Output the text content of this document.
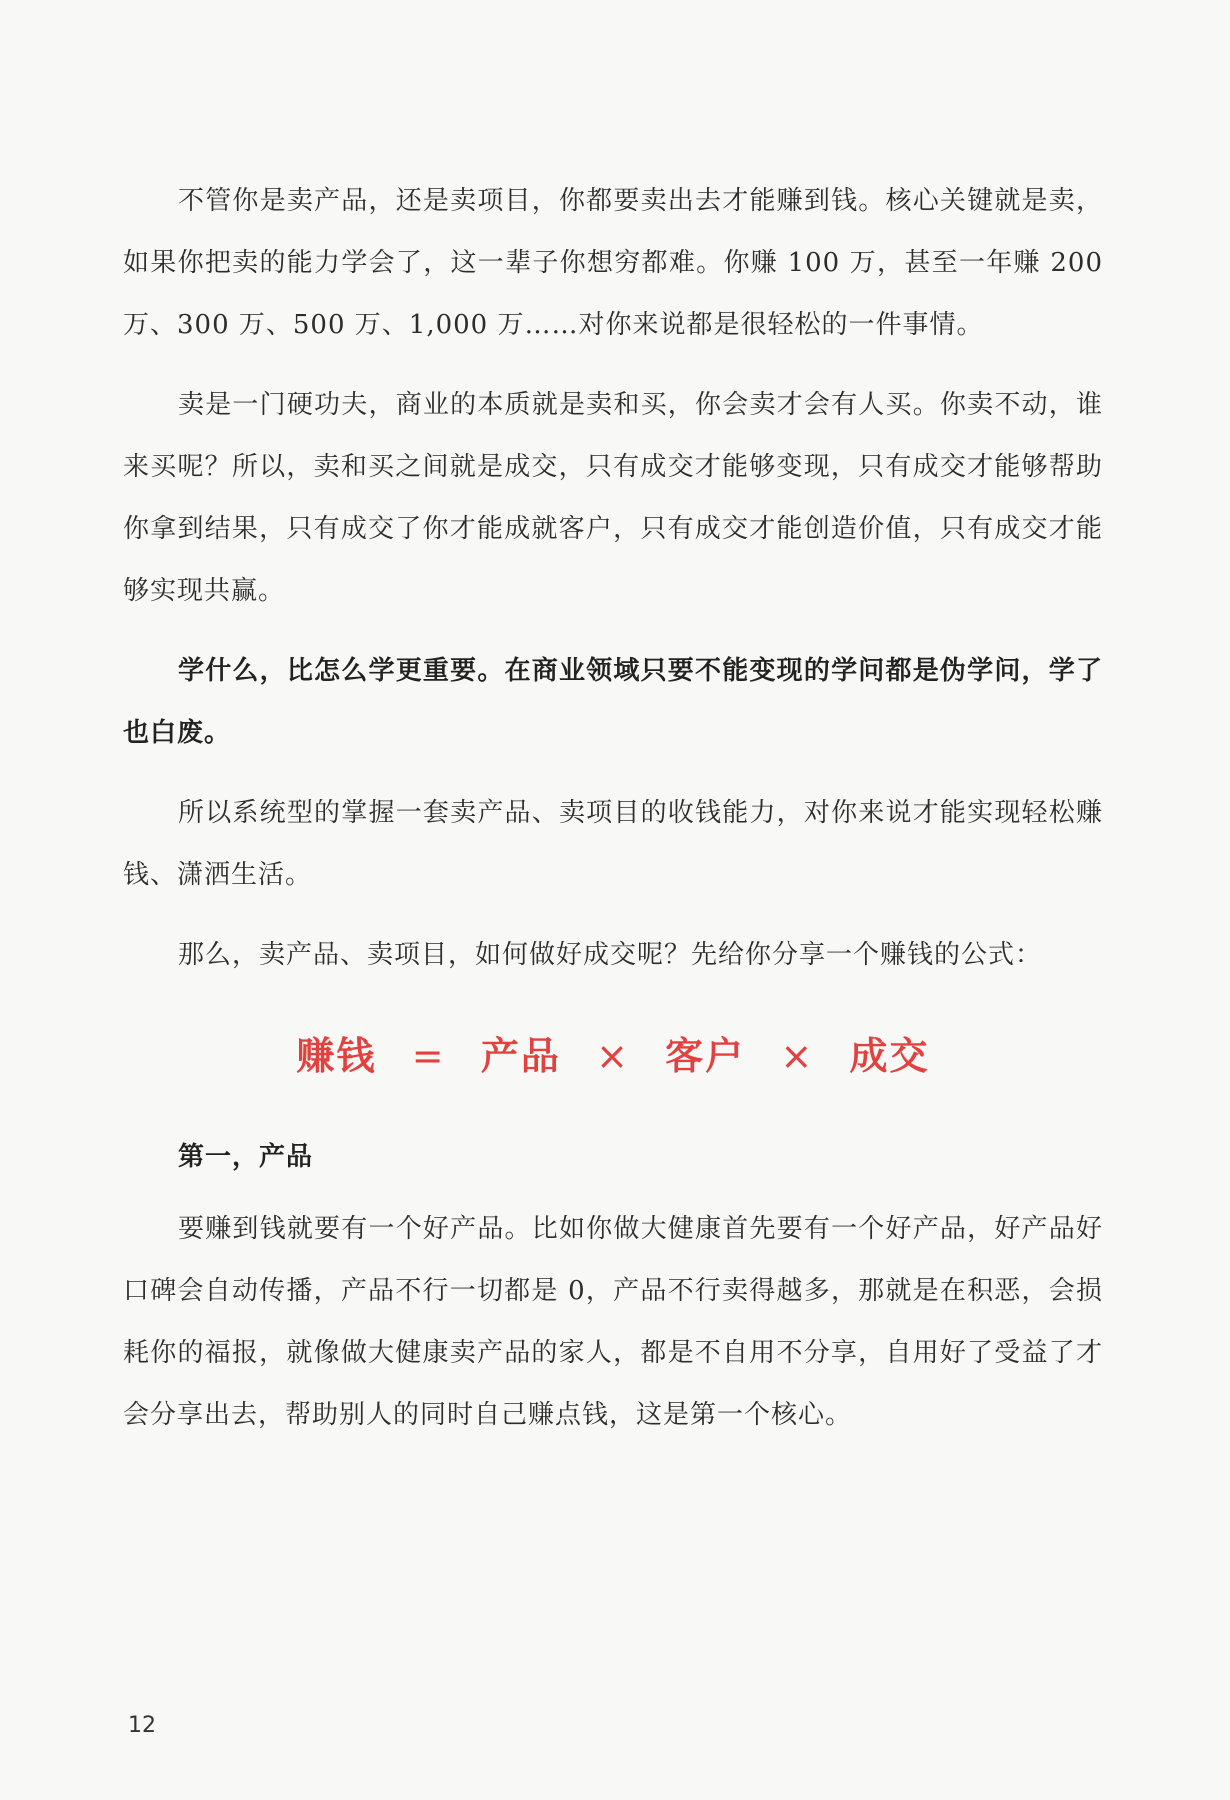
不管你是卖产品，还是卖项目，你都要卖出去才能赚到钱。核心关键就是卖，如果你把卖的能力学会了，这一辈子你想穷都难。你赚 100 万，甚至一年赚 200 万、300 万、500 万、1,000 万……对你来说都是很轻松的一件事情。

卖是一门硬功夫，商业的本质就是卖和买，你会卖才会有人买。你卖不动，谁来买呢？所以，卖和买之间就是成交，只有成交才能够变现，只有成交才能够帮助你拿到结果，只有成交了你才能成就客户，只有成交才能创造价值，只有成交才能够实现共赢。

学什么，比怎么学更重要。在商业领域只要不能变现的学问都是伪学问，学了也白废。

所以系统型的掌握一套卖产品、卖项目的收钱能力，对你来说才能实现轻松赚钱、潇洒生活。

那么，卖产品、卖项目，如何做好成交呢？先给你分享一个赚钱的公式：

赚钱 = 产品 × 客户 × 成交
第一，产品

要赚到钱就要有一个好产品。比如你做大健康首先要有一个好产品，好产品好口碑会自动传播，产品不行一切都是 0，产品不行卖得越多，那就是在积恶，会损耗你的福报，就像做大健康卖产品的家人，都是不自用不分享，自用好了受益了才会分享出去，帮助别人的同时自己赚点钱，这是第一个核心。

12
